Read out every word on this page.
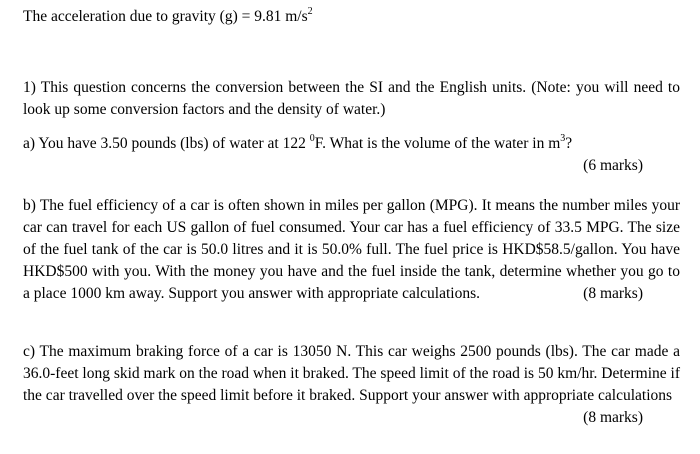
The acceleration due to gravity (g) = 9.81 $m/s^2$
1) This question concerns the conversion between the SI and the English units. (Note: you will need to look up some conversion factors and the density of water.)
a) You have 3.50 pounds (lbs) of water at 122 $^0$F. What is the volume of the water in $m^3$?
(6 marks)
b) The fuel efficiency of a car is often shown in miles per gallon (MPG). It means the number miles your car can travel for each US gallon of fuel consumed. Your car has a fuel efficiency of 33.5 MPG. The size of the fuel tank of the car is 50.0 litres and it is 50.0% full. The fuel price is HKD$58.5/gallon. You have HKD$500 with you. With the money you have and the fuel inside the tank, determine whether you go to a place 1000 km away. Support you answer with appropriate calculations.	(8 marks)
c) The maximum braking force of a car is 13050 N. This car weighs 2500 pounds (lbs). The car made a 36.0-feet long skid mark on the road when it braked. The speed limit of the road is 50 km/hr. Determine if the car travelled over the speed limit before it braked. Support your answer with appropriate calculations
(8 marks)
